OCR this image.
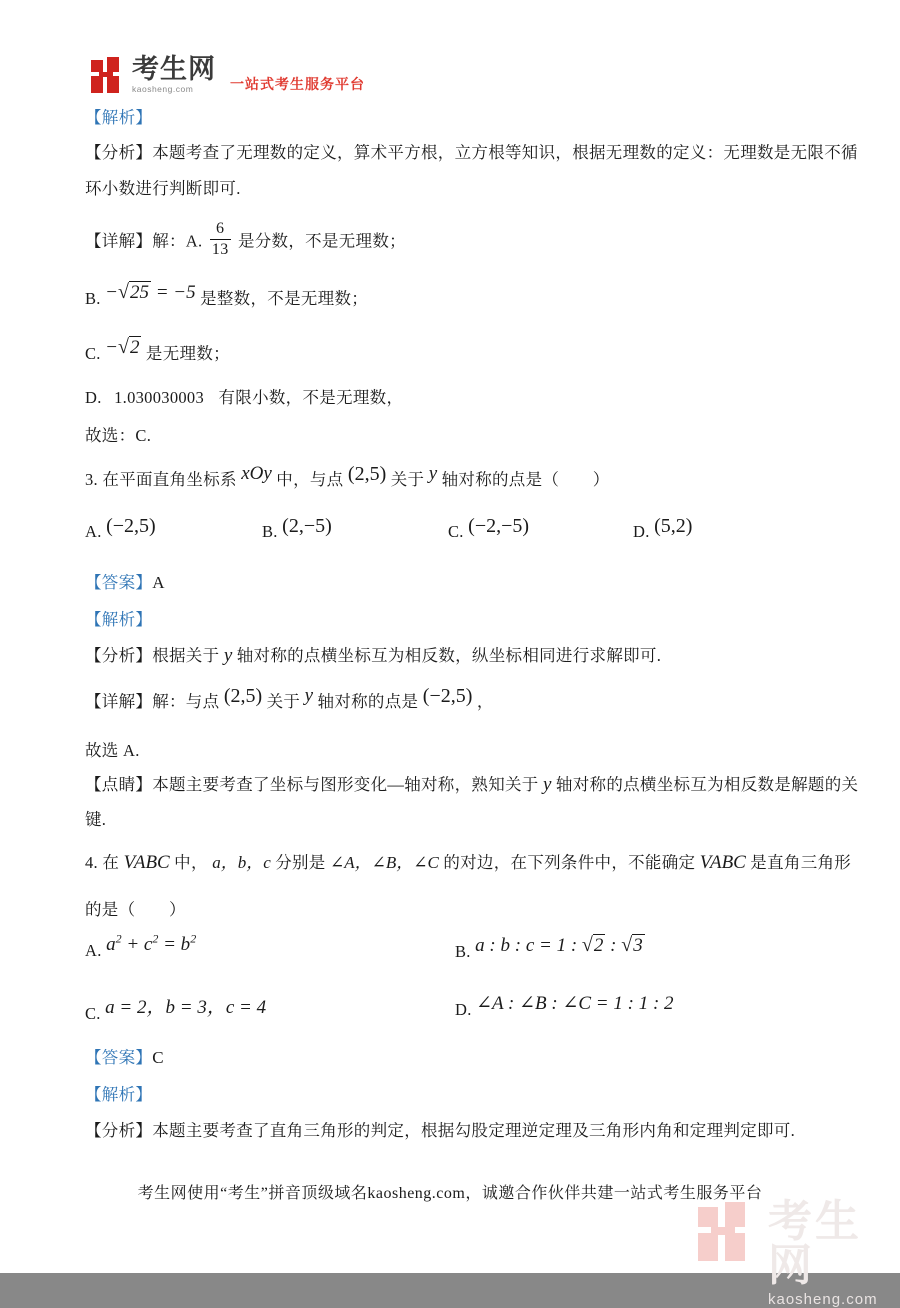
考生网
kaosheng.com	一站式考生服务平台
【解析】
【分析】本题考查了无理数的定义，算术平方根，立方根等知识，根据无理数的定义：无理数是无限不循
环小数进行判断即可.
【详解】解：A. $\frac{6}{13}$ 是分数，不是无理数；
B. −√25 = −5 是整数，不是无理数；
C. −√2 是无理数；
D. 1.030030003 有限小数，不是无理数，
故选：C.
3. 在平面直角坐标系 xOy 中，与点 (2,5) 关于 y 轴对称的点是（　　）
A. (−2,5)	B. (2,−5)	C. (−2,−5)	D. (5,2)
【答案】A
【解析】
【分析】根据关于 y 轴对称的点横坐标互为相反数，纵坐标相同进行求解即可.
【详解】解：与点 (2,5) 关于 y 轴对称的点是 (−2,5) ，
故选 A.
【点睛】本题主要考查了坐标与图形变化—轴对称，熟知关于 y 轴对称的点横坐标互为相反数是解题的关
键.
4. 在 VABC 中， a，b，c 分别是 ∠A，∠B，∠C 的对边，在下列条件中，不能确定 VABC 是直角三角形
的是（　　）
A. $a^2 + c^2 = b^2$
B. a : b : c = 1 : √2 : √3
C. a = 2，b = 3，c = 4	D. ∠A : ∠B : ∠C = 1 : 1 : 2
【答案】C
【解析】
【分析】本题主要考查了直角三角形的判定，根据勾股定理逆定理及三角形内角和定理判定即可.
考生网使用“考生”拼音顶级域名kaosheng.com，诚邀合作伙伴共建一站式考生服务平台
考生网
kaosheng.com
